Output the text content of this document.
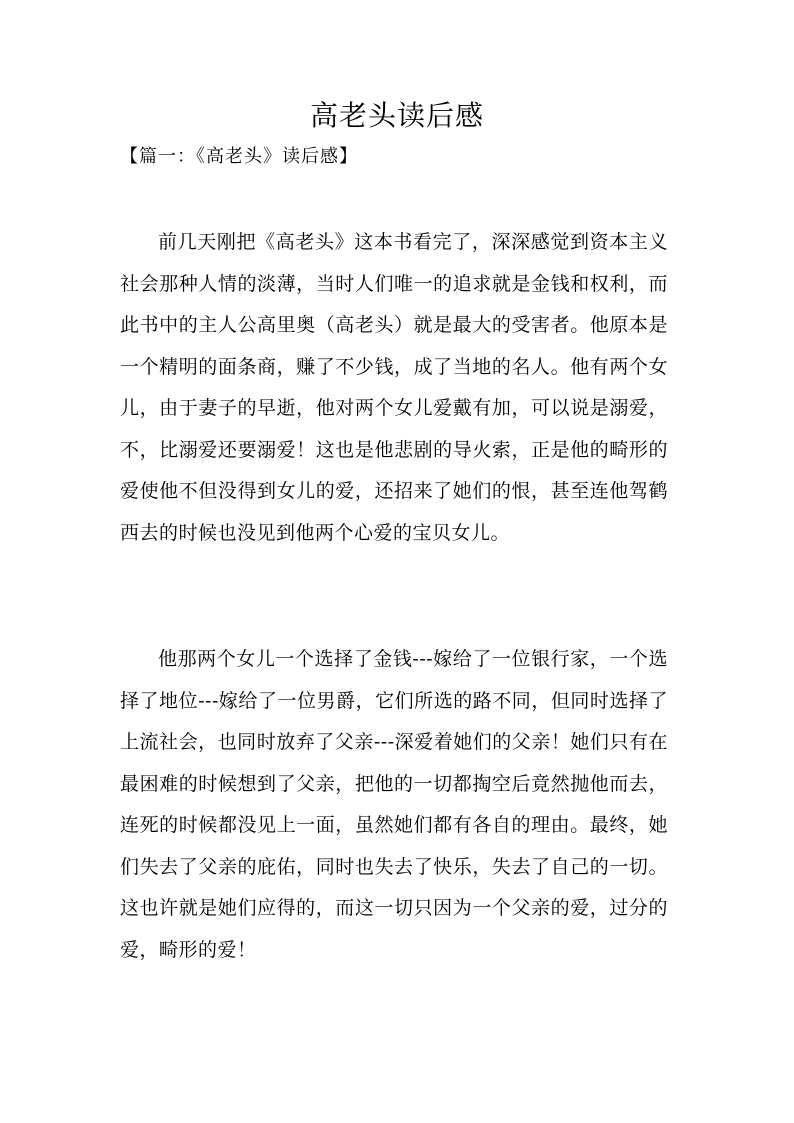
高老头读后感
【篇一：《高老头》读后感】

前几天刚把《高老头》这本书看完了，深深感觉到资本主义社会那种人情的淡薄，当时人们唯一的追求就是金钱和权利，而此书中的主人公高里奥（高老头）就是最大的受害者。他原本是一个精明的面条商，赚了不少钱，成了当地的名人。他有两个女儿，由于妻子的早逝，他对两个女儿爱戴有加，可以说是溺爱，不，比溺爱还要溺爱！这也是他悲剧的导火索，正是他的畸形的爱使他不但没得到女儿的爱，还招来了她们的恨，甚至连他驾鹤西去的时候也没见到他两个心爱的宝贝女儿。

他那两个女儿一个选择了金钱---嫁给了一位银行家，一个选择了地位---嫁给了一位男爵，它们所选的路不同，但同时选择了上流社会，也同时放弃了父亲---深爱着她们的父亲！她们只有在最困难的时候想到了父亲，把他的一切都掏空后竟然抛他而去，连死的时候都没见上一面，虽然她们都有各自的理由。最终，她们失去了父亲的庇佑，同时也失去了快乐，失去了自己的一切。这也许就是她们应得的，而这一切只因为一个父亲的爱，过分的爱，畸形的爱！
